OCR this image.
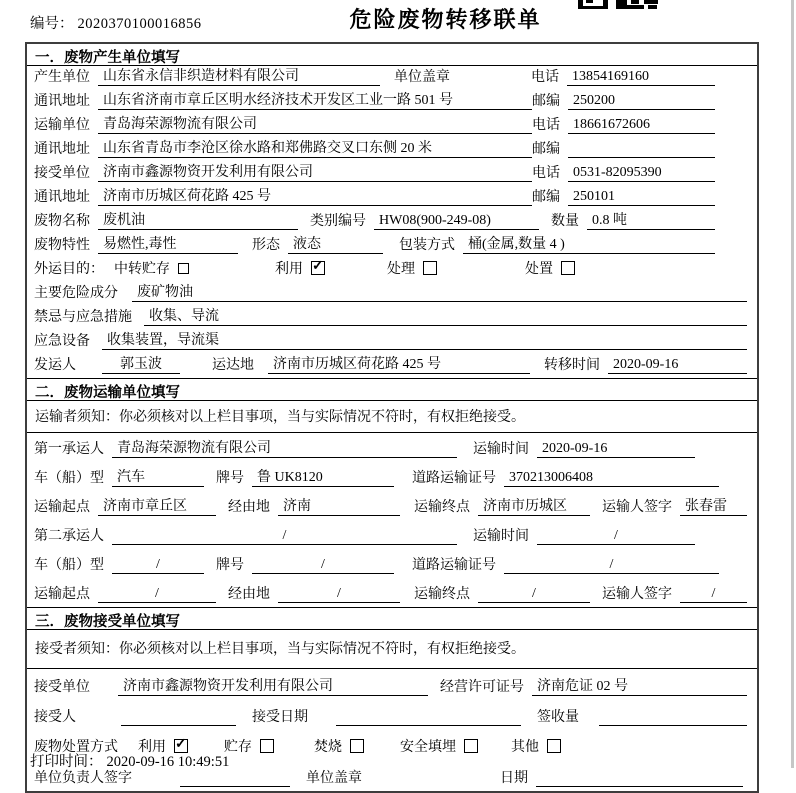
编号： 2020370100016856	危险废物转移联单
一．废物产生单位填写
产生单位 山东省永信非织造材料有限公司	单位盖章	电话 13854169160
通讯地址 山东省济南市章丘区明水经济技术开发区工业一路 501 号	邮编 250200
运输单位 青岛海荣源物流有限公司	电话 18661672606
通讯地址 山东省青岛市李沧区徐水路和郑佛路交叉口东侧 20 米	邮编
接受单位 济南市鑫源物资开发利用有限公司	电话 0531-82095390
通讯地址 济南市历城区荷花路 425 号	邮编 250101
废物名称 废机油	类别编号 HW08(900-249-08)	数量 0.8 吨
废物特性 易燃性,毒性	形态 液态	包装方式 桶(金属,数量 4 )
外运目的： 中转贮存	利用 ✓	处理	处置
主要危险成分	废矿物油
禁忌与应急措施	收集、导流
应急设备	收集装置，导流渠
发运人	郭玉波	运达地	济南市历城区荷花路 425 号	转移时间 2020-09-16
二．废物运输单位填写
运输者须知：你必须核对以上栏目事项，当与实际情况不符时，有权拒绝接受。
第一承运人 青岛海荣源物流有限公司	运输时间 2020-09-16
车（船）型 汽车	牌号 鲁 UK8120	道路运输证号 370213006408
运输起点 济南市章丘区	经由地 济南	运输终点 济南市历城区	运输人签字 张春雷
第二承运人	/	运输时间	/
车（船）型	/	牌号	/	道路运输证号	/
运输起点	/	经由地	/	运输终点	/	运输人签字	/
三．废物接受单位填写
接受者须知：你必须核对以上栏目事项，当与实际情况不符时，有权拒绝接受。
接受单位	济南市鑫源物资开发利用有限公司	经营许可证号 济南危证 02 号
接受人	接受日期	签收量
废物处置方式 利用 ✓	贮存	焚烧	安全填埋	其他
单位负责人签字	单位盖章	日期
打印时间： 2020-09-16 10:49:51
